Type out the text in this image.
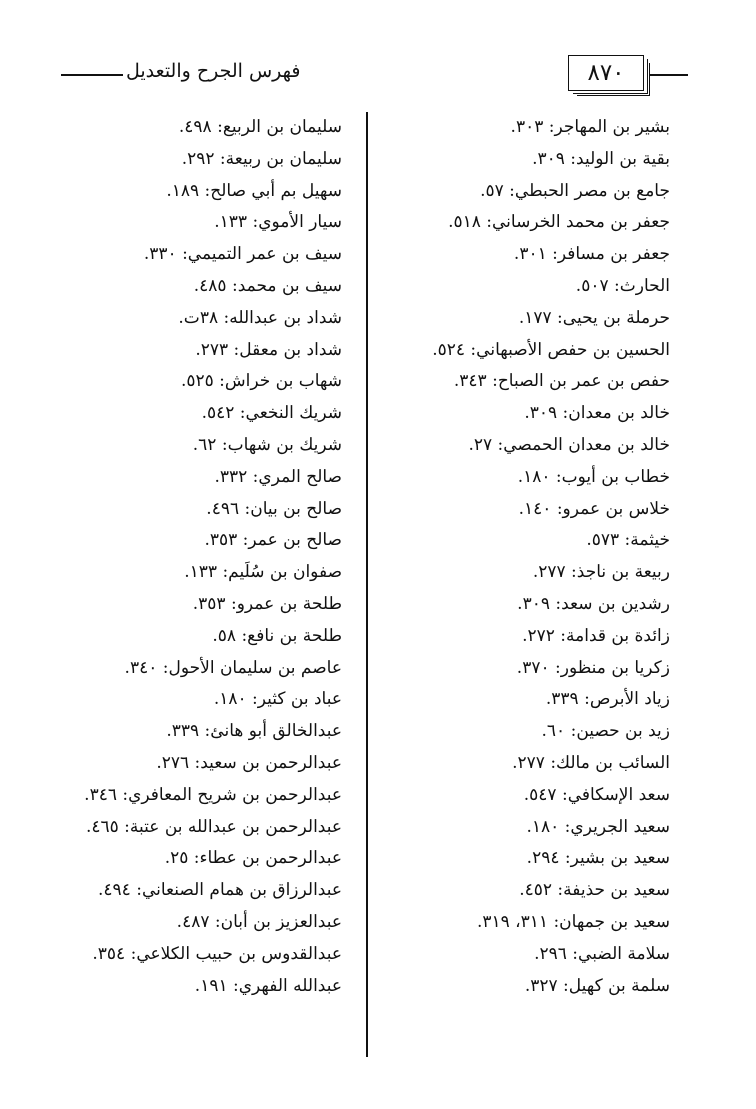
فهرس الجرح والتعديل	٨٧٠
بشير بن المهاجر: ٣٠٣.
بقية بن الوليد: ٣٠٩.
جامع بن مصر الحبطي: ٥٧.
جعفر بن محمد الخرساني: ٥١٨.
جعفر بن مسافر: ٣٠١.
الحارث: ٥٠٧.
حرملة بن يحيى: ١٧٧.
الحسين بن حفص الأصبهاني: ٥٢٤.
حفص بن عمر بن الصباح: ٣٤٣.
خالد بن معدان: ٣٠٩.
خالد بن معدان الحمصي: ٢٧.
خطاب بن أيوب: ١٨٠.
خلاس بن عمرو: ١٤٠.
خيثمة: ٥٧٣.
ربيعة بن ناجذ: ٢٧٧.
رشدين بن سعد: ٣٠٩.
زائدة بن قدامة: ٢٧٢.
زكريا بن منظور: ٣٧٠.
زياد الأبرص: ٣٣٩.
زيد بن حصين: ٦٠.
السائب بن مالك: ٢٧٧.
سعد الإسكافي: ٥٤٧.
سعيد الجريري: ١٨٠.
سعيد بن بشير: ٢٩٤.
سعيد بن حذيفة: ٤٥٢.
سعيد بن جمهان: ٣١١، ٣١٩.
سلامة الضبي: ٢٩٦.
سلمة بن كهيل: ٣٢٧.
سليمان بن الربيع: ٤٩٨.
سليمان بن ربيعة: ٢٩٢.
سهيل بم أبي صالح: ١٨٩.
سيار الأموي: ١٣٣.
سيف بن عمر التميمي: ٣٣٠.
سيف بن محمد: ٤٨٥.
شداد بن عبدالله: ٣٨ت.
شداد بن معقل: ٢٧٣.
شهاب بن خراش: ٥٢٥.
شريك النخعي: ٥٤٢.
شريك بن شهاب: ٦٢.
صالح المري: ٣٣٢.
صالح بن بيان: ٤٩٦.
صالح بن عمر: ٣٥٣.
صفوان بن سُلَيم: ١٣٣.
طلحة بن عمرو: ٣٥٣.
طلحة بن نافع: ٥٨.
عاصم بن سليمان الأحول: ٣٤٠.
عباد بن كثير: ١٨٠.
عبدالخالق أبو هانئ: ٣٣٩.
عبدالرحمن بن سعيد: ٢٧٦.
عبدالرحمن بن شريح المعافري: ٣٤٦.
عبدالرحمن بن عبدالله بن عتبة: ٤٦٥.
عبدالرحمن بن عطاء: ٢٥.
عبدالرزاق بن همام الصنعاني: ٤٩٤.
عبدالعزيز بن أبان: ٤٨٧.
عبدالقدوس بن حبيب الكلاعي: ٣٥٤.
عبدالله الفهري: ١٩١.
